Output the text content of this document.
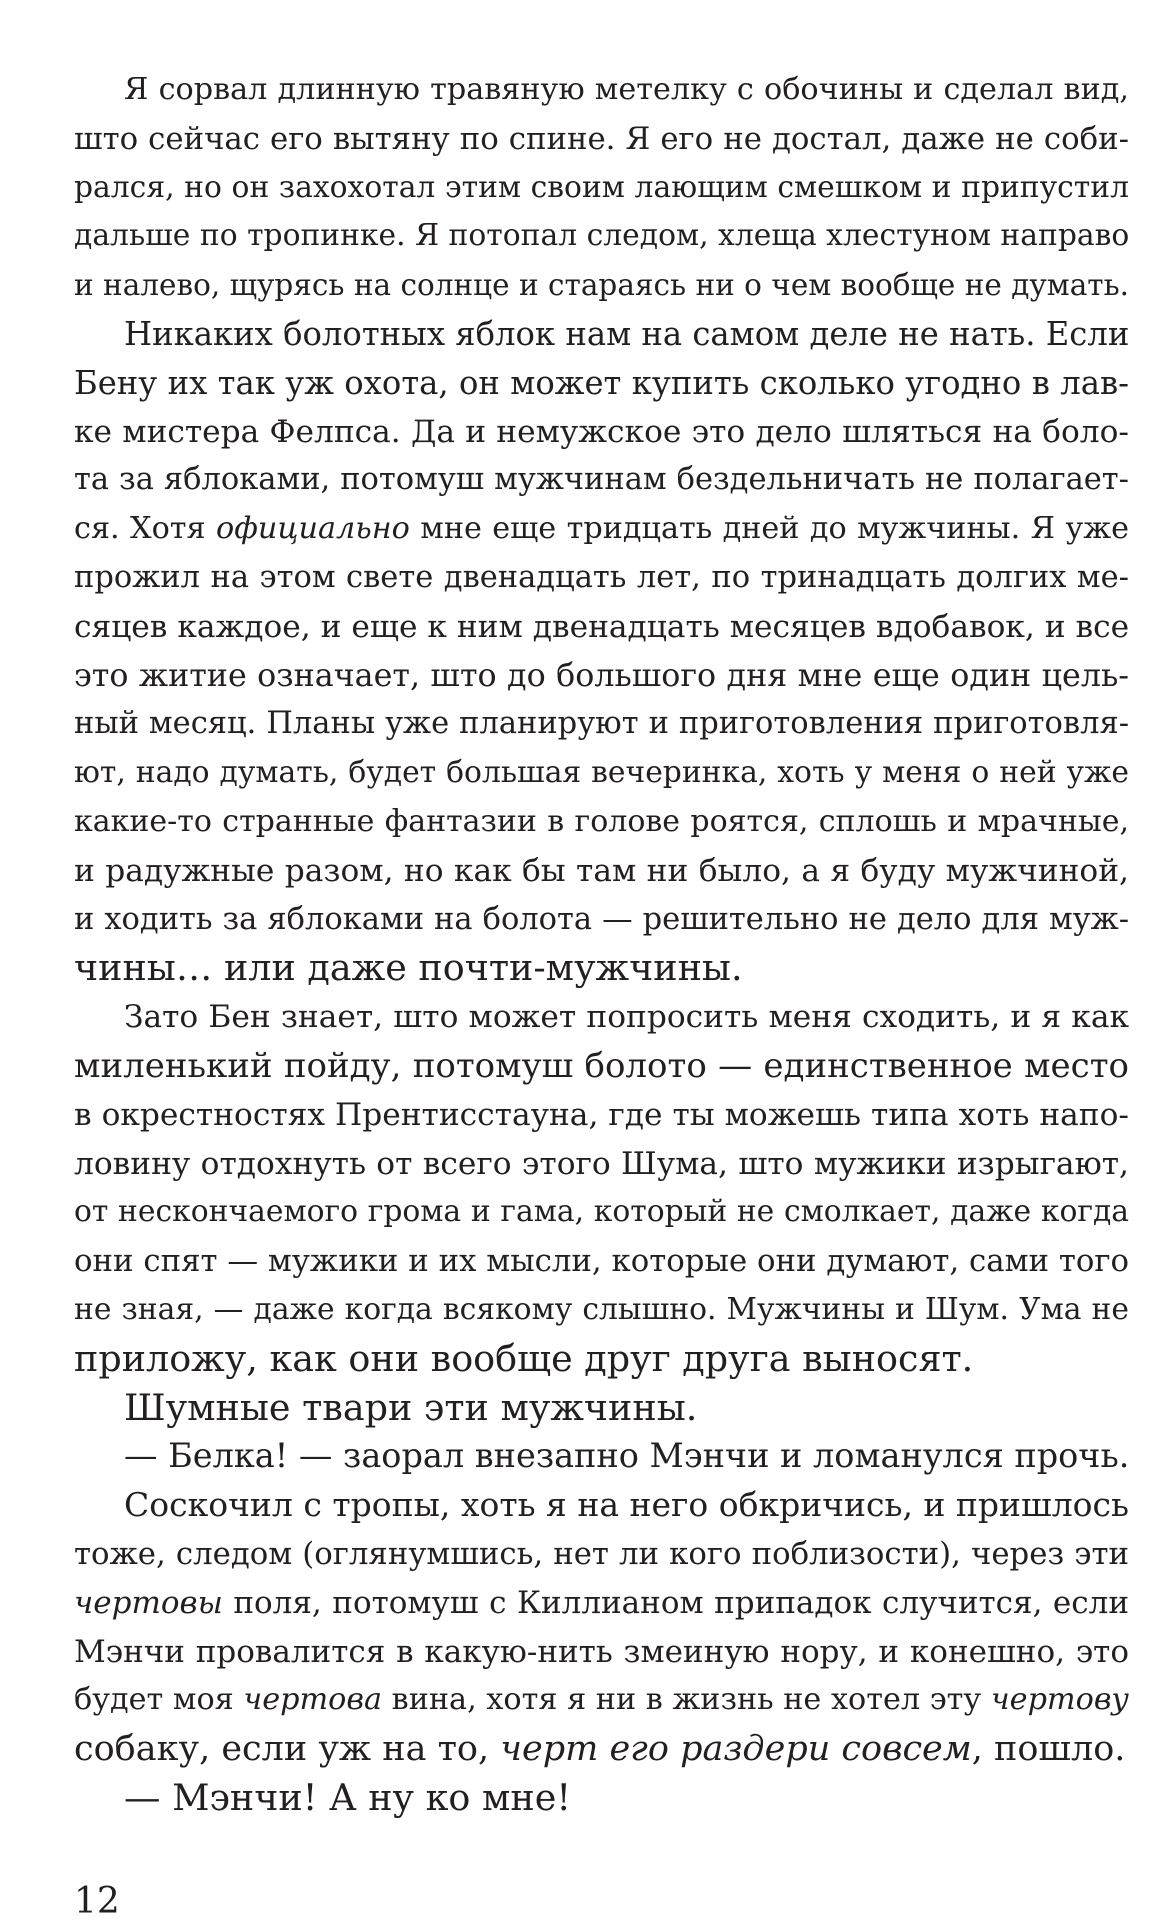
Я сорвал длинную травяную метелку с обочины и сделал вид,
што сейчас его вытяну по спине. Я его не достал, даже не соби-
рался, но он захохотал этим своим лающим смешком и припустил
дальше по тропинке. Я потопал следом, хлеща хлестуном направо
и налево, щурясь на солнце и стараясь ни о чем вообще не думать.
Никаких болотных яблок нам на самом деле не нать. Если
Бену их так уж охота, он может купить сколько угодно в лав-
ке мистера Фелпса. Да и немужское это дело шляться на боло-
та за яблоками, потомуш мужчинам бездельничать не полагает-
ся. Хотя официально мне еще тридцать дней до мужчины. Я уже
прожил на этом свете двенадцать лет, по тринадцать долгих ме-
сяцев каждое, и еще к ним двенадцать месяцев вдобавок, и все
это житие означает, што до большого дня мне еще один цель-
ный месяц. Планы уже планируют и приготовления приготовля-
ют, надо думать, будет большая вечеринка, хоть у меня о ней уже
какие-то странные фантазии в голове роятся, сплошь и мрачные,
и радужные разом, но как бы там ни было, а я буду мужчиной,
и ходить за яблоками на болота — решительно не дело для муж-
чины… или даже почти-мужчины.
Зато Бен знает, што может попросить меня сходить, и я как
миленький пойду, потомуш болото — единственное место
в окрестностях Прентисстауна, где ты можешь типа хоть напо-
ловину отдохнуть от всего этого Шума, што мужики изрыгают,
от нескончаемого грома и гама, который не смолкает, даже когда
они спят — мужики и их мысли, которые они думают, сами того
не зная, — даже когда всякому слышно. Мужчины и Шум. Ума не
приложу, как они вообще друг друга выносят.
Шумные твари эти мужчины.
— Белка! — заорал внезапно Мэнчи и ломанулся прочь.
Соскочил с тропы, хоть я на него обкричись, и пришлось
тоже, следом (оглянумшись, нет ли кого поблизости), через эти
чертовы поля, потомуш с Киллианом припадок случится, если
Мэнчи провалится в какую-нить змеиную нору, и конешно, это
будет моя чертова вина, хотя я ни в жизнь не хотел эту чертову
собаку, если уж на то, черт его раздери совсем, пошло.
— Мэнчи! А ну ко мне!
12
